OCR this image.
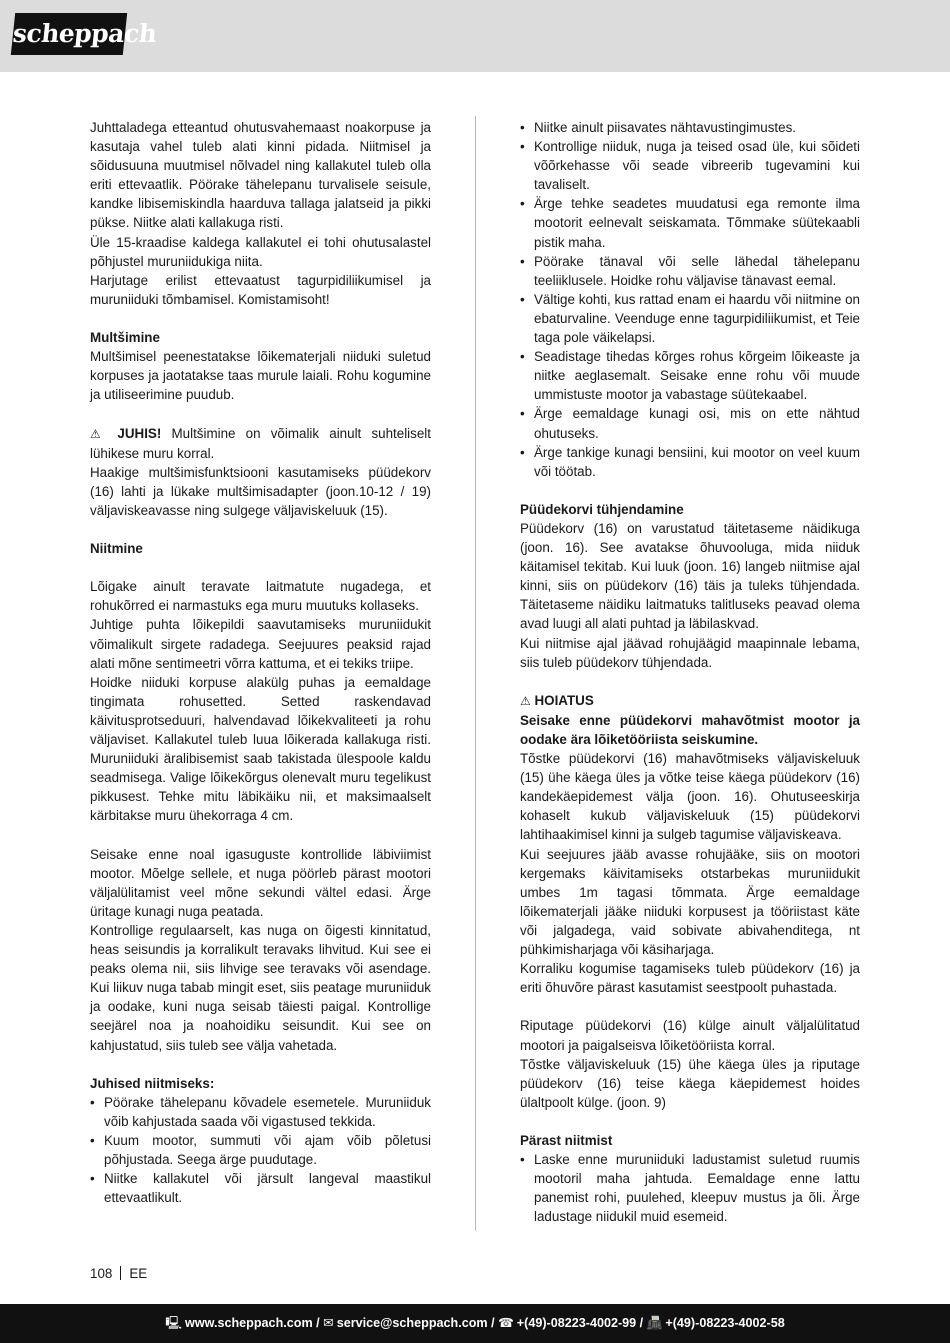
scheppach

Juhttaladega etteantud ohutusvahemaast noakorpuse ja kasutaja vahel tuleb alati kinni pidada. Niitmisel ja sõidusuuna muutmisel nõlvadel ning kallakutel tuleb olla eriti ettevaatlik. Pöörake tähelepanu turvalisele seisule, kandke libisemiskindla haarduva tallaga jalatseid ja pikki pükse. Niitke alati kallakuga risti.

Üle 15-kraadise kaldega kallakutel ei tohi ohutusalastel põhjustel muruniidukiga niita.

Harjutage erilist ettevaatust tagurpidiliikumisel ja muruniiduki tõmbamisel. Komistamisoht!

Multšimine

Multšimisel peenestatakse lõikematerjali niiduki suletud korpuses ja jaotatakse taas murule laiali. Rohu kogumine ja utiliseerimine puudub.

⚠ JUHIS! Multšimine on võimalik ainult suhteliselt lühikese muru korral.

Haakige multšimisfunktsiooni kasutamiseks püüdekorv (16) lahti ja lükake multšimisadapter (joon.10-12 / 19) väljaviskeavasse ning sulgege väljaviskeluuk (15).

Niitmine

Lõigake ainult teravate laitmatute nugadega, et rohukõrred ei narmastuks ega muru muutuks kollaseks.

Juhtige puhta lõikepildi saavutamiseks muruniidukit võimalikult sirgete radadega. Seejuures peaksid rajad alati mõne sentimeetri võrra kattuma, et ei tekiks triipe.

Hoidke niiduki korpuse alakülg puhas ja eemaldage tingimata rohusetted. Setted raskendavad käivitusprotseduuri, halvendavad lõikekvaliteeti ja rohu väljaviset. Kallakutel tuleb luua lõikerada kallakuga risti. Muruniiduki äralibisemist saab takistada ülespoole kaldu seadmisega. Valige lõikekõrgus olenevalt muru tegelikust pikkusest. Tehke mitu läbikäiku nii, et maksimaalselt kärbitakse muru ühekorraga 4 cm.

Seisake enne noal igasuguste kontrollide läbiviimist mootor. Mõelge sellele, et nuga pöörleb pärast mootori väljalülitamist veel mõne sekundi vältel edasi. Ärge üritage kunagi nuga peatada.

Kontrollige regulaarselt, kas nuga on õigesti kinnitatud, heas seisundis ja korralikult teravaks lihvitud. Kui see ei peaks olema nii, siis lihvige see teravaks või asendage. Kui liikuv nuga tabab mingit eset, siis peatage muruniiduk ja oodake, kuni nuga seisab täiesti paigal. Kontrollige seejärel noa ja noahoidiku seisundit. Kui see on kahjustatud, siis tuleb see välja vahetada.

Juhised niitmiseks:

• Pöörake tähelepanu kõvadele esemetele. Muruniiduk võib kahjustada saada või vigastused tekkida.
• Kuum mootor, summuti või ajam võib põletusi põhjustada. Seega ärge puudutage.
• Niitke kallakutel või järsult langeval maastikul ettevaatlikult.
• Niitke ainult piisavates nähtavustingimustes.
• Kontrollige niiduk, nuga ja teised osad üle, kui sõideti võõrkehasse või seade vibreerib tugevamini kui tavaliselt.
• Ärge tehke seadetes muudatusi ega remonte ilma mootorit eelnevalt seiskamata. Tõmmake süütekaabli pistik maha.
• Pöörake tänaval või selle lähedal tähelepanu teeliiklusele. Hoidke rohu väljavise tänavast eemal.
• Vältige kohti, kus rattad enam ei haardu või niitmine on ebaturvaline. Veenduge enne tagurpidiliikumist, et Teie taga pole väikelapsi.
• Seadistage tihedas kõrges rohus kõrgeim lõikeaste ja niitke aeglasemalt. Seisake enne rohu või muude ummistuste mootor ja vabastage süütekaabel.
• Ärge eemaldage kunagi osi, mis on ette nähtud ohutuseks.
• Ärge tankige kunagi bensiini, kui mootor on veel kuum või töötab.

Püüdekorvi tühjendamine

Püüdekorv (16) on varustatud täitetaseme näidikuga (joon. 16). See avatakse õhuvooluga, mida niiduk käitamisel tekitab. Kui luuk (joon. 16) langeb niitmise ajal kinni, siis on püüdekorv (16) täis ja tuleks tühjendada. Täitetaseme näidiku laitmatuks talitluseks peavad olema avad luugi all alati puhtad ja läbilaskvad.

Kui niitmise ajal jäävad rohujäägid maapinnale lebama, siis tuleb püüdekorv tühjendada.

⚠ HOIATUS

Seisake enne püüdekorvi mahavõtmist mootor ja oodake ära lõiketööriista seiskumine.

Tõstke püüdekorvi (16) mahavõtmiseks väljaviskeluuk (15) ühe käega üles ja võtke teise käega püüdekorv (16) kandekäepidemest välja (joon. 16). Ohutuseeskirja kohaselt kukub väljaviskeluuk (15) püüdekorvi lahtihaakimisel kinni ja sulgeb tagumise väljaviskeava.

Kui seejuures jääb avasse rohujääke, siis on mootori kergemaks käivitamiseks otstarbekas muruniidukit umbes 1m tagasi tõmmata. Ärge eemaldage lõikematerjali jääke niiduki korpusest ja tööriistast käte või jalgadega, vaid sobivate abivahenditega, nt pühkimisharjaga või käsiharjaga.

Korraliku kogumise tagamiseks tuleb püüdekorv (16) ja eriti õhuvõre pärast kasutamist seestpoolt puhastada.

Riputage püüdekorvi (16) külge ainult väljalülitatud mootori ja paigalseisva lõiketööriista korral.

Tõstke väljaviskeluuk (15) ühe käega üles ja riputage püüdekorv (16) teise käega käepidemest hoides ülaltpoolt külge. (joon. 9)

Pärast niitmist

• Laske enne muruniiduki ladustamist suletud ruumis mootoril maha jahtuda. Eemaldage enne lattu panemist rohi, puulehed, kleepuv mustus ja õli. Ärge ladustage niidukil muid esemeid.
108 EE
🖳 www.scheppach.com / ✉ service@scheppach.com / ☎ +(49)-08223-4002-99 / 📠 +(49)-08223-4002-58
